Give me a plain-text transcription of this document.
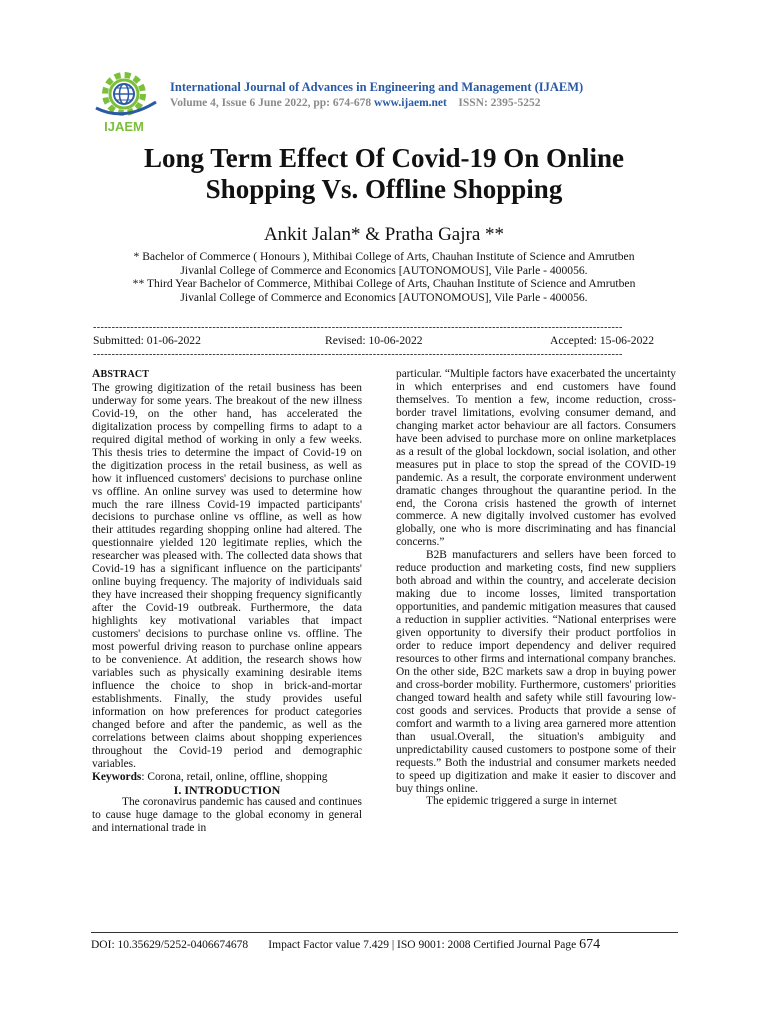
IJAEM
International Journal of Advances in Engineering and Management (IJAEM)
Volume 4, Issue 6 June 2022, pp: 674-678 www.ijaem.net ISSN: 2395-5252
Long Term Effect Of Covid-19 On Online
Shopping Vs. Offline Shopping
Ankit Jalan* & Pratha Gajra **
* Bachelor of Commerce ( Honours ), Mithibai College of Arts, Chauhan Institute of Science and Amrutben
Jivanlal College of Commerce and Economics [AUTONOMOUS], Vile Parle - 400056.
** Third Year Bachelor of Commerce, Mithibai College of Arts, Chauhan Institute of Science and Amrutben
Jivanlal College of Commerce and Economics [AUTONOMOUS], Vile Parle - 400056.
----------------------------------------------------------------------------------------------------------------------------------------------
Submitted: 01-06-2022	Revised: 10-06-2022	Accepted: 15-06-2022
----------------------------------------------------------------------------------------------------------------------------------------------

ABSTRACT

The growing digitization of the retail business has been underway for some years. The breakout of the new illness Covid-19, on the other hand, has accelerated the digitalization process by compelling firms to adapt to a required digital method of working in only a few weeks. This thesis tries to determine the impact of Covid-19 on the digitization process in the retail business, as well as how it influenced customers' decisions to purchase online vs offline. An online survey was used to determine how much the rare illness Covid-19 impacted participants' decisions to purchase online vs offline, as well as how their attitudes regarding shopping online had altered. The questionnaire yielded 120 legitimate replies, which the researcher was pleased with. The collected data shows that Covid-19 has a significant influence on the participants' online buying frequency. The majority of individuals said they have increased their shopping frequency significantly after the Covid-19 outbreak. Furthermore, the data highlights key motivational variables that impact customers' decisions to purchase online vs. offline. The most powerful driving reason to purchase online appears to be convenience. At addition, the research shows how variables such as physically examining desirable items influence the choice to shop in brick-and-mortar establishments. Finally, the study provides useful information on how preferences for product categories changed before and after the pandemic, as well as the correlations between claims about shopping experiences throughout the Covid-19 period and demographic variables.

Keywords: Corona, retail, online, offline, shopping

I. INTRODUCTION

The coronavirus pandemic has caused and continues to cause huge damage to the global economy in general and international trade in

particular. “Multiple factors have exacerbated the uncertainty in which enterprises and end customers have found themselves. To mention a few, income reduction, cross-border travel limitations, evolving consumer demand, and changing market actor behaviour are all factors. Consumers have been advised to purchase more on online marketplaces as a result of the global lockdown, social isolation, and other measures put in place to stop the spread of the COVID-19 pandemic. As a result, the corporate environment underwent dramatic changes throughout the quarantine period. In the end, the Corona crisis hastened the growth of internet commerce. A new digitally involved customer has evolved globally, one who is more discriminating and has financial concerns.”

B2B manufacturers and sellers have been forced to reduce production and marketing costs, find new suppliers both abroad and within the country, and accelerate decision making due to income losses, limited transportation opportunities, and pandemic mitigation measures that caused a reduction in supplier activities. “National enterprises were given opportunity to diversify their product portfolios in order to reduce import dependency and deliver required resources to other firms and international company branches. On the other side, B2C markets saw a drop in buying power and cross-border mobility. Furthermore, customers' priorities changed toward health and safety while still favouring low-cost goods and services. Products that provide a sense of comfort and warmth to a living area garnered more attention than usual.Overall, the situation's ambiguity and unpredictability caused customers to postpone some of their requests.” Both the industrial and consumer markets needed to speed up digitization and make it easier to discover and buy things online.

The epidemic triggered a surge in internet

DOI: 10.35629/5252-0406674678 Impact Factor value 7.429 | ISO 9001: 2008 Certified Journal Page 674
